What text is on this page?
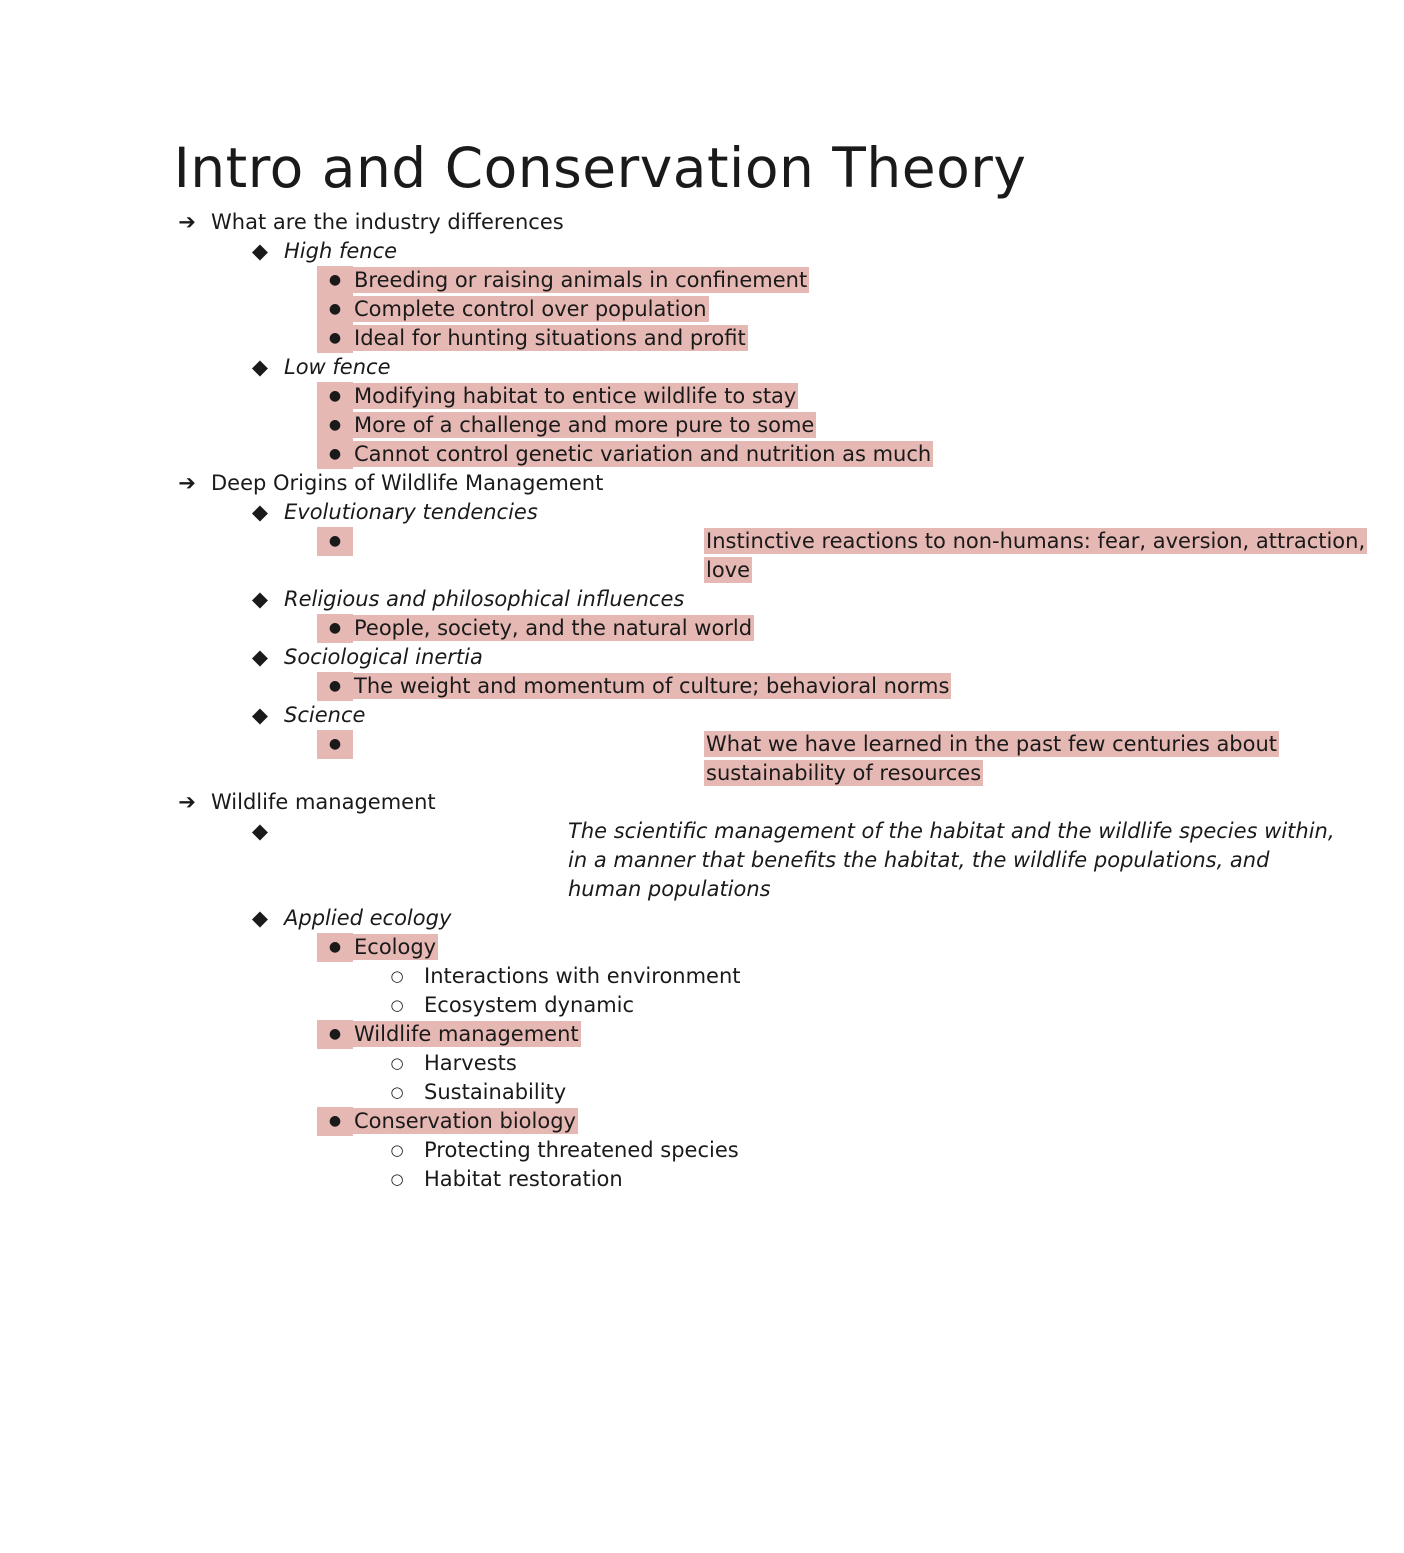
Intro and Conservation Theory
➔ What are the industry differences
◆ High fence
● Breeding or raising animals in confinement
● Complete control over population
● Ideal for hunting situations and profit
◆ Low fence
● Modifying habitat to entice wildlife to stay
● More of a challenge and more pure to some
● Cannot control genetic variation and nutrition as much
➔ Deep Origins of Wildlife Management
◆ Evolutionary tendencies
●	Instinctive reactions to non-humans: fear, aversion, attraction, love
◆ Religious and philosophical influences
● People, society, and the natural world
◆ Sociological inertia
● The weight and momentum of culture; behavioral norms
◆ Science
●	What we have learned in the past few centuries about sustainability of resources
➔ Wildlife management
◆	The scientific management of the habitat and the wildlife species within, in a manner that benefits the habitat, the wildlife populations, and human populations
◆ Applied ecology
● Ecology
○ Interactions with environment
○ Ecosystem dynamic
● Wildlife management
○ Harvests
○ Sustainability
● Conservation biology
○ Protecting threatened species
○ Habitat restoration
